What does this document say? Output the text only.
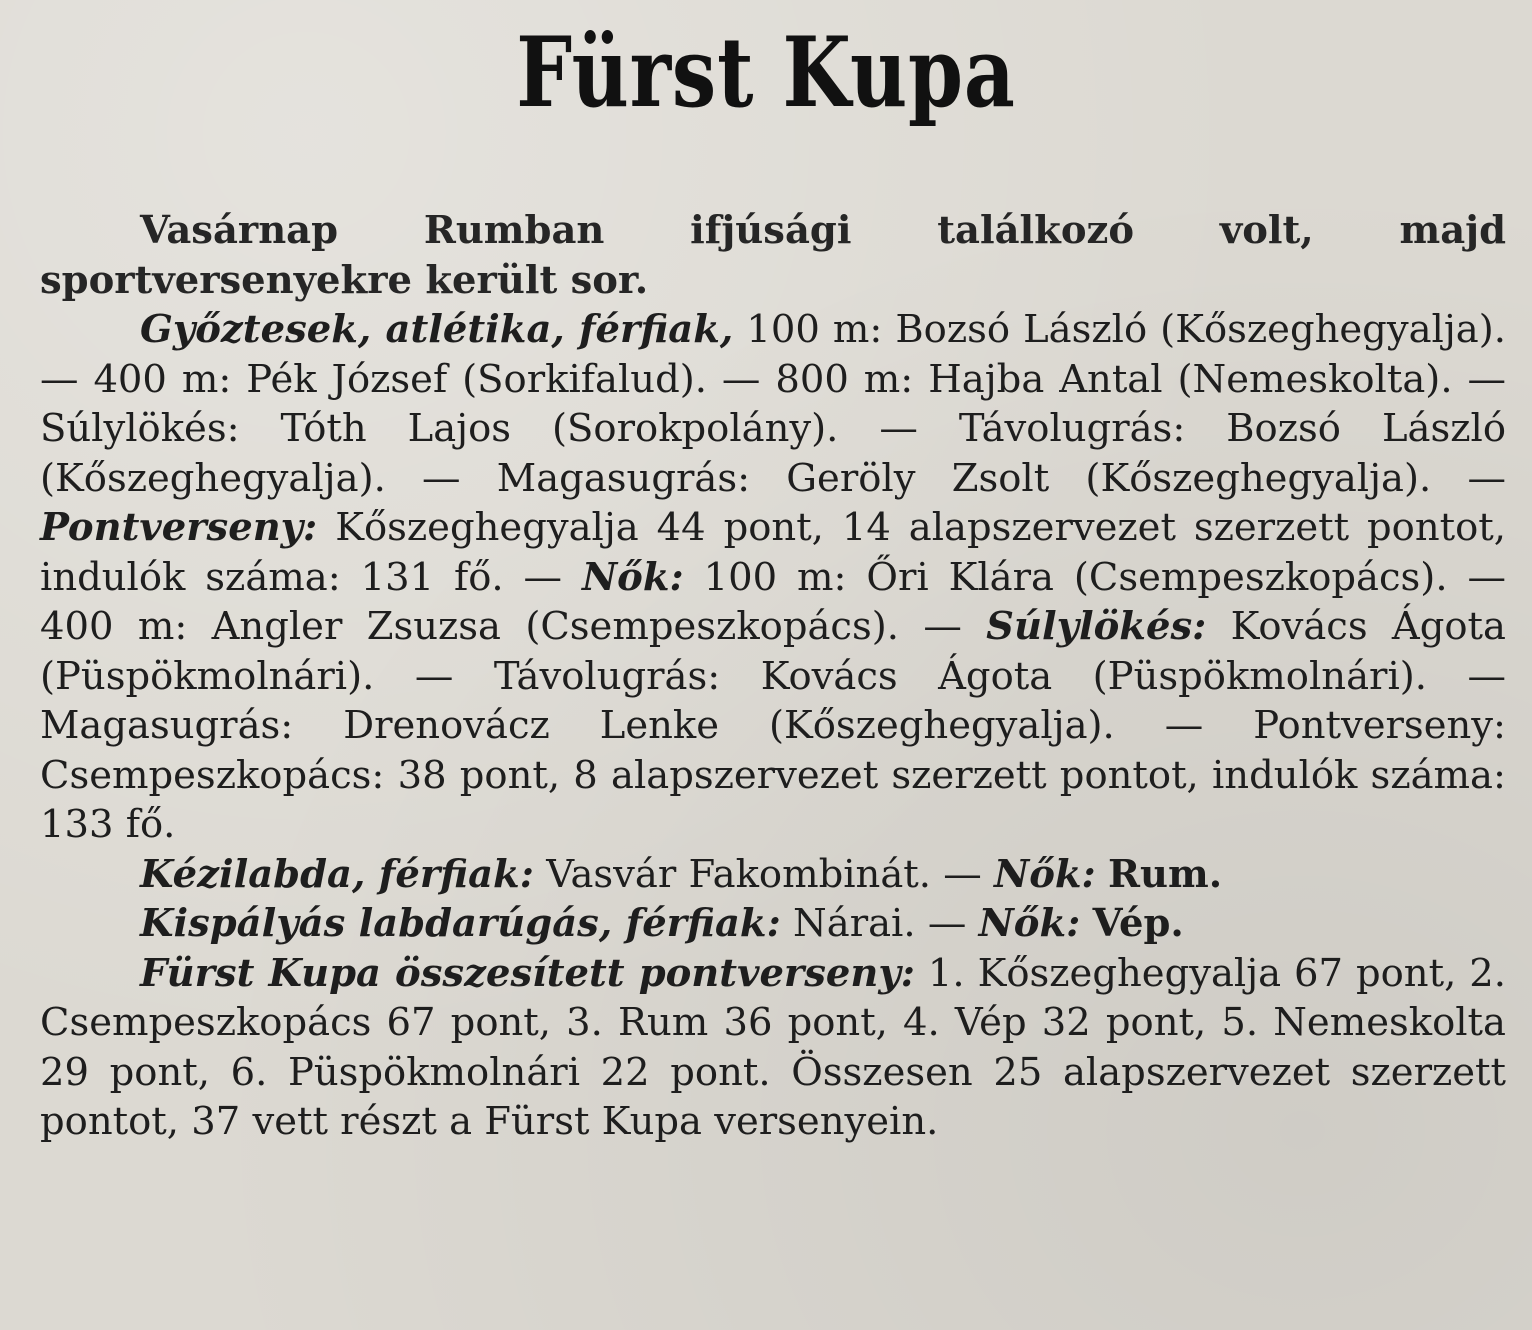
Fürst Kupa

Vasárnap Rumban ifjúsági találkozó volt, majd sportversenyekre került sor.

Győztesek, atlétika, férfiak, 100 m: Bozsó László (Kőszeghegyalja). — 400 m: Pék József (Sorkifalud). — 800 m: Hajba Antal (Nemeskolta). — Súlylökés: Tóth Lajos (Sorokpolány). — Távolugrás: Bozsó László (Kőszeghegyalja). — Magasugrás: Geröly Zsolt (Kőszeghegyalja). — Pontverseny: Kőszeghegyalja 44 pont, 14 alapszervezet szerzett pontot, indulók száma: 131 fő. — Nők: 100 m: Őri Klára (Csempeszkopács). — 400 m: Angler Zsuzsa (Csempeszkopács). — Súlylökés: Kovács Ágota (Püspökmolnári). — Távolugrás: Kovács Ágota (Püspökmolnári). — Magasugrás: Drenovácz Lenke (Kőszeghegyalja). — Pontverseny: Csempeszkopács: 38 pont, 8 alapszervezet szerzett pontot, indulók száma: 133 fő.

Kézilabda, férfiak: Vasvár Fakombinát. — Nők: Rum.

Kispályás labdarúgás, férfiak: Nárai. — Nők: Vép.

Fürst Kupa összesített pontverseny: 1. Kőszeghegyalja 67 pont, 2. Csempeszkopács 67 pont, 3. Rum 36 pont, 4. Vép 32 pont, 5. Nemeskolta 29 pont, 6. Püspökmolnári 22 pont. Összesen 25 alapszervezet szerzett pontot, 37 vett részt a Fürst Kupa versenyein.
